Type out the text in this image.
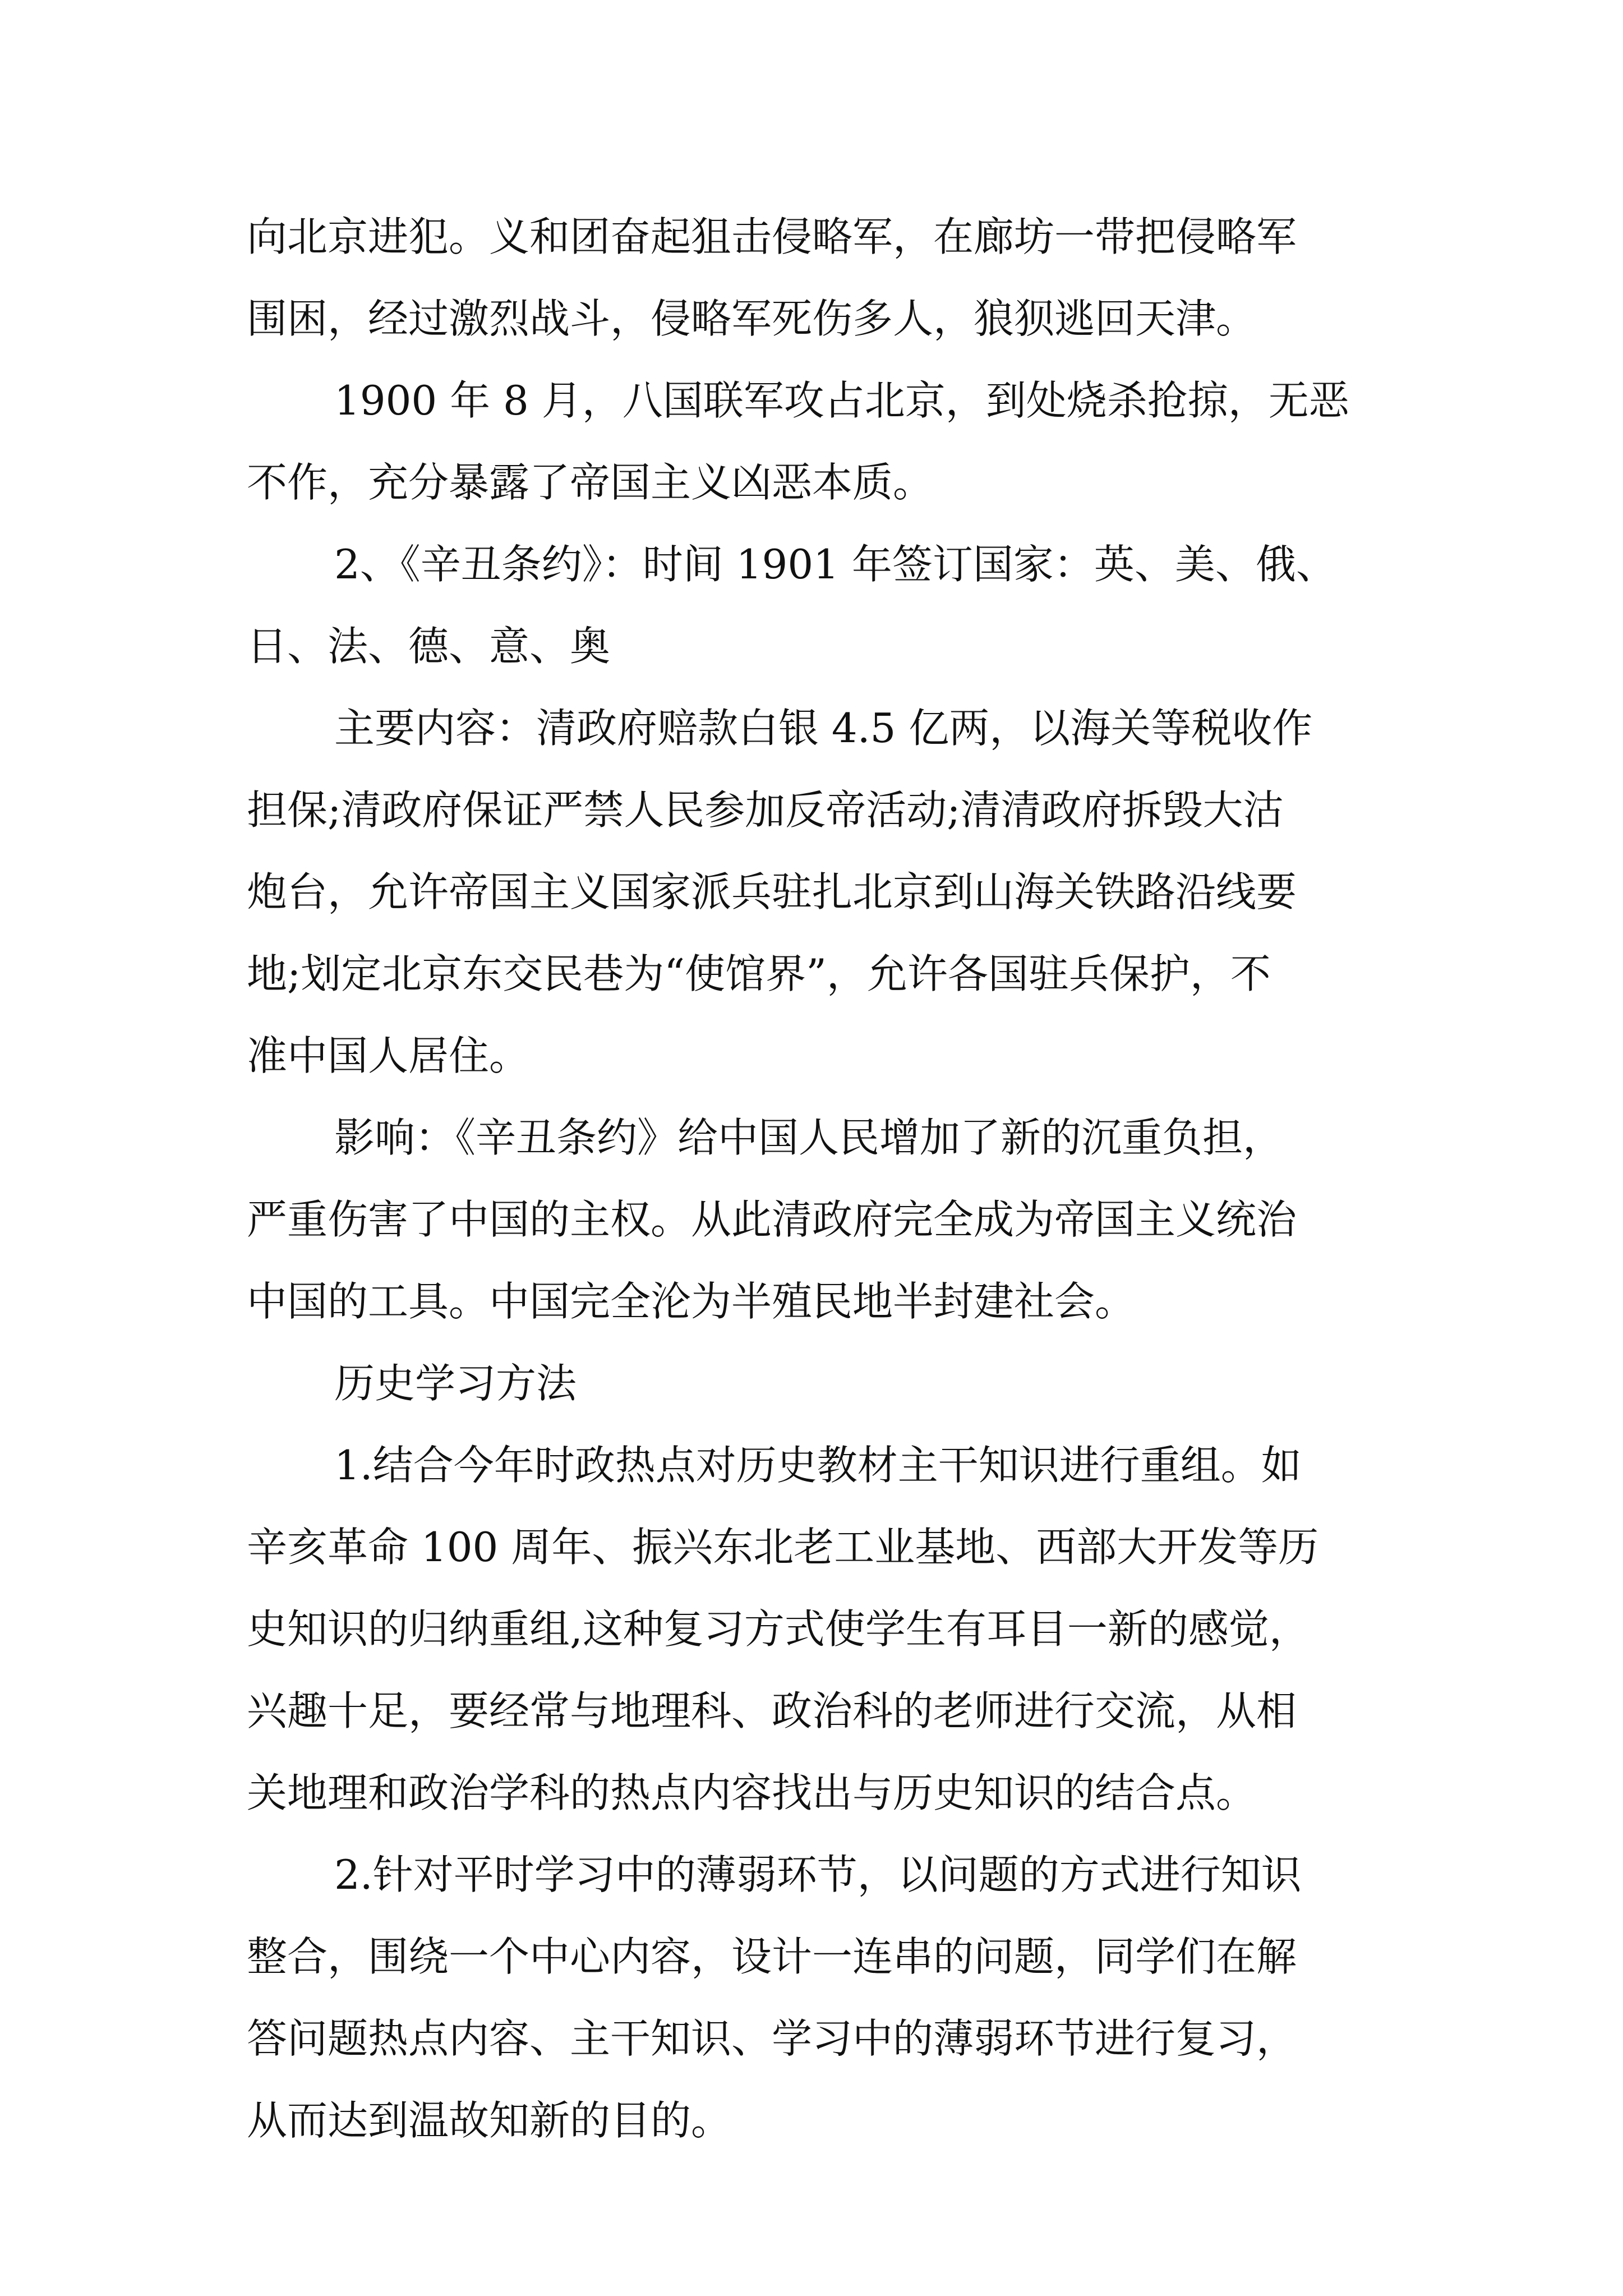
向北京进犯。义和团奋起狙击侵略军，在廊坊一带把侵略军
围困，经过激烈战斗，侵略军死伤多人，狼狈逃回天津。
1900 年 8 月，八国联军攻占北京，到处烧杀抢掠，无恶
不作，充分暴露了帝国主义凶恶本质。
2、《辛丑条约》：时间 1901 年签订国家：英、美、俄、
日、法、德、意、奥
主要内容：清政府赔款白银 4.5 亿两，以海关等税收作
担保;清政府保证严禁人民参加反帝活动;清清政府拆毁大沽
炮台，允许帝国主义国家派兵驻扎北京到山海关铁路沿线要
地;划定北京东交民巷为“使馆界”，允许各国驻兵保护，不
准中国人居住。
影响：《辛丑条约》给中国人民增加了新的沉重负担，
严重伤害了中国的主权。从此清政府完全成为帝国主义统治
中国的工具。中国完全沦为半殖民地半封建社会。
历史学习方法
1.结合今年时政热点对历史教材主干知识进行重组。如
辛亥革命 100 周年、振兴东北老工业基地、西部大开发等历
史知识的归纳重组,这种复习方式使学生有耳目一新的感觉，
兴趣十足，要经常与地理科、政治科的老师进行交流，从相
关地理和政治学科的热点内容找出与历史知识的结合点。
2.针对平时学习中的薄弱环节，以问题的方式进行知识
整合，围绕一个中心内容，设计一连串的问题，同学们在解
答问题热点内容、主干知识、学习中的薄弱环节进行复习，
从而达到温故知新的目的。
